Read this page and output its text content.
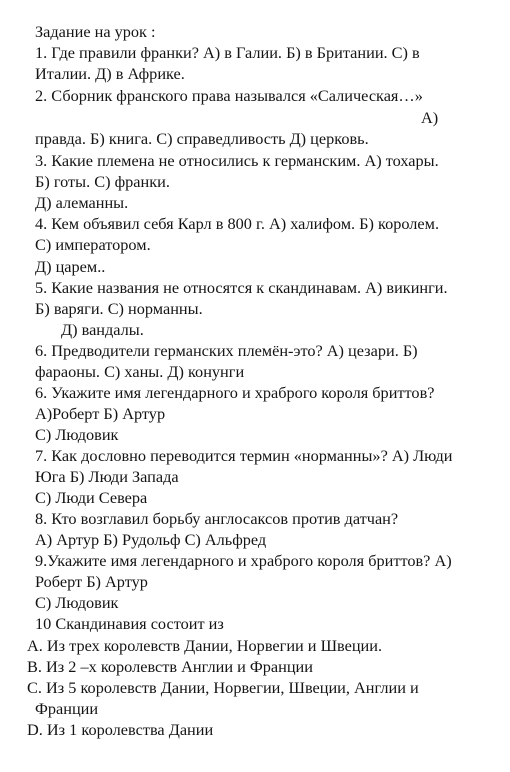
Задание на урок :

1. Где правили франки? А) в Галии. Б) в Британии. С) в

Италии. Д) в Африке.

2. Сборник франского права назывался «Салическая…»

А)

правда. Б) книга. С) справедливость Д) церковь.

3. Какие племена не относились к германским. А) тохары.

Б) готы. С) франки.

Д) алеманны.

4. Кем объявил себя Карл в 800 г. А) халифом. Б) королем.

С) императором.

Д) царем..

5. Какие названия не относятся к скандинавам. А) викинги.

Б) варяги. С) норманны.

Д) вандалы.

6. Предводители германских племён-это? А) цезари. Б)

фараоны. С) ханы. Д) конунги

6. Укажите имя легендарного и храброго короля бриттов?

А)Роберт Б) Артур

С) Людовик

7. Как дословно переводится термин «норманны»? А) Люди

Юга Б) Люди Запада

С) Люди Севера

8. Кто возглавил борьбу англосаксов против датчан?

А) Артур Б) Рудольф С) Альфред

9.Укажите имя легендарного и храброго короля бриттов? А)

Роберт Б) Артур

С) Людовик

10 Скандинавия состоит из

A. Из трех королевств Дании, Норвегии и Швеции.

B. Из 2 –х королевств Англии и Франции

C. Из 5 королевств Дании, Норвегии, Швеции, Англии и

Франции

D. Из 1 королевства Дании
